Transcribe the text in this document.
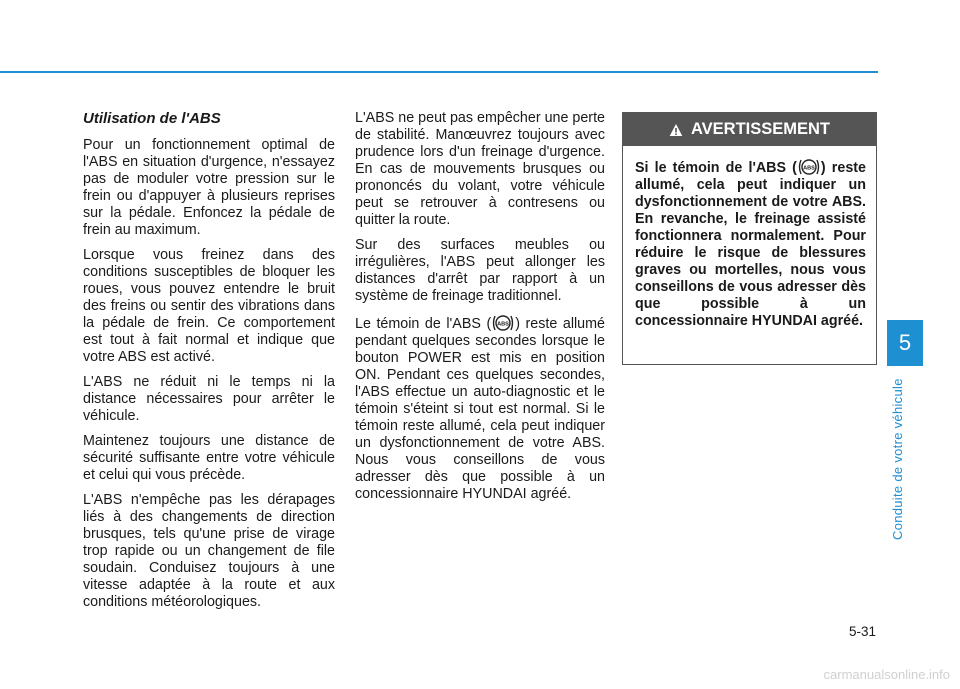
Utilisation de l'ABS

Pour un fonctionnement optimal de l'ABS en situation d'urgence, n'essayez pas de moduler votre pression sur le frein ou d'appuyer à plusieurs reprises sur la pédale. Enfoncez la pédale de frein au maximum.

Lorsque vous freinez dans des conditions susceptibles de bloquer les roues, vous pouvez entendre le bruit des freins ou sentir des vibrations dans la pédale de frein. Ce comportement est tout à fait normal et indique que votre ABS est activé.

L'ABS ne réduit ni le temps ni la distance nécessaires pour arrêter le véhicule.

Maintenez toujours une distance de sécurité suffisante entre votre véhicule et celui qui vous précède.

L'ABS n'empêche pas les dérapages liés à des changements de direction brusques, tels qu'une prise de virage trop rapide ou un changement de file soudain. Conduisez toujours à une vitesse adaptée à la route et aux conditions météorologiques.

L'ABS ne peut pas empêcher une perte de stabilité. Manœuvrez toujours avec prudence lors d'un freinage d'urgence. En cas de mouvements brusques ou prononcés du volant, votre véhicule peut se retrouver à contresens ou quitter la route.

Sur des surfaces meubles ou irrégulières, l'ABS peut allonger les distances d'arrêt par rapport à un système de freinage traditionnel.

Le témoin de l'ABS ( ABS ) reste allumé pendant quelques secondes lorsque le bouton POWER est mis en position ON. Pendant ces quelques secondes, l'ABS effectue un auto-diagnostic et le témoin s'éteint si tout est normal. Si le témoin reste allumé, cela peut indiquer un dysfonctionnement de votre ABS. Nous vous conseillons de vous adresser dès que possible à un concessionnaire HYUNDAI agréé.

AVERTISSEMENT
Si le témoin de l'ABS ( ABS ) reste allumé, cela peut indiquer un dysfonctionnement de votre ABS. En revanche, le freinage assisté fonctionnera normalement. Pour réduire le risque de blessures graves ou mortelles, nous vous conseillons de vous adresser dès que possible à un concessionnaire HYUNDAI agréé.
5
Conduite de votre véhicule
5-31
carmanualsonline.info
